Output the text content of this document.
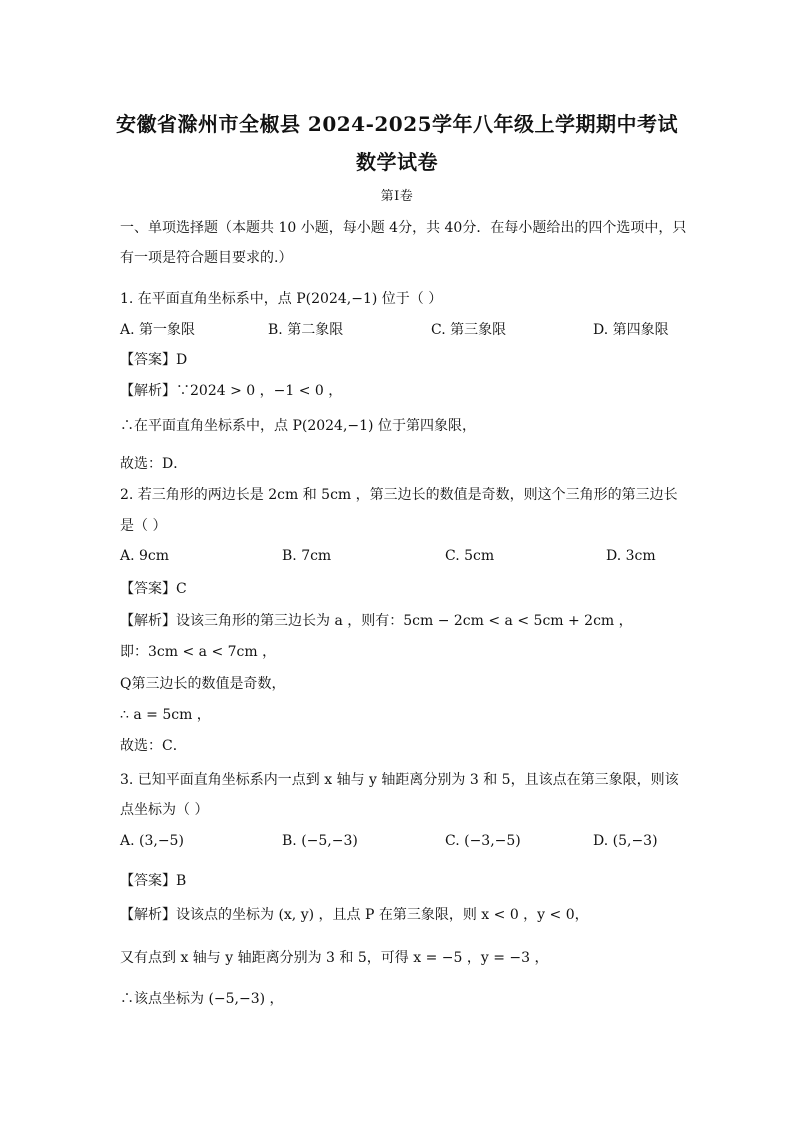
安徽省滁州市全椒县 2024-2025学年八年级上学期期中考试
数学试卷
第Ⅰ卷
一、单项选择题（本题共 10 小题，每小题 4分，共 40分．在每小题给出的四个选项中，只
有一项是符合题目要求的.）
1. 在平面直角坐标系中，点 P(2024,−1) 位于（ ）
A. 第一象限	B. 第二象限	C. 第三象限	D. 第四象限
【答案】D
【解析】∵2024 > 0 ，−1 < 0 ，
∴在平面直角坐标系中，点 P(2024,−1) 位于第四象限，
故选：D．
2. 若三角形的两边长是 2cm 和 5cm ，第三边长的数值是奇数，则这个三角形的第三边长
是（ ）
A. 9cm	B. 7cm	C. 5cm	D. 3cm
【答案】C
【解析】设该三角形的第三边长为 a ，则有：5cm − 2cm < a < 5cm + 2cm ，
即：3cm < a < 7cm ，
Q第三边长的数值是奇数，
∴ a = 5cm ，
故选：C．
3. 已知平面直角坐标系内一点到 x 轴与 y 轴距离分别为 3 和 5，且该点在第三象限，则该
点坐标为（ ）
A. (3,−5)	B. (−5,−3)	C. (−3,−5)	D. (5,−3)
【答案】B
【解析】设该点的坐标为 (x, y) ，且点 P 在第三象限，则 x < 0 ，y < 0，
又有点到 x 轴与 y 轴距离分别为 3 和 5，可得 x = −5 ，y = −3 ，
∴该点坐标为 (−5,−3) ，
